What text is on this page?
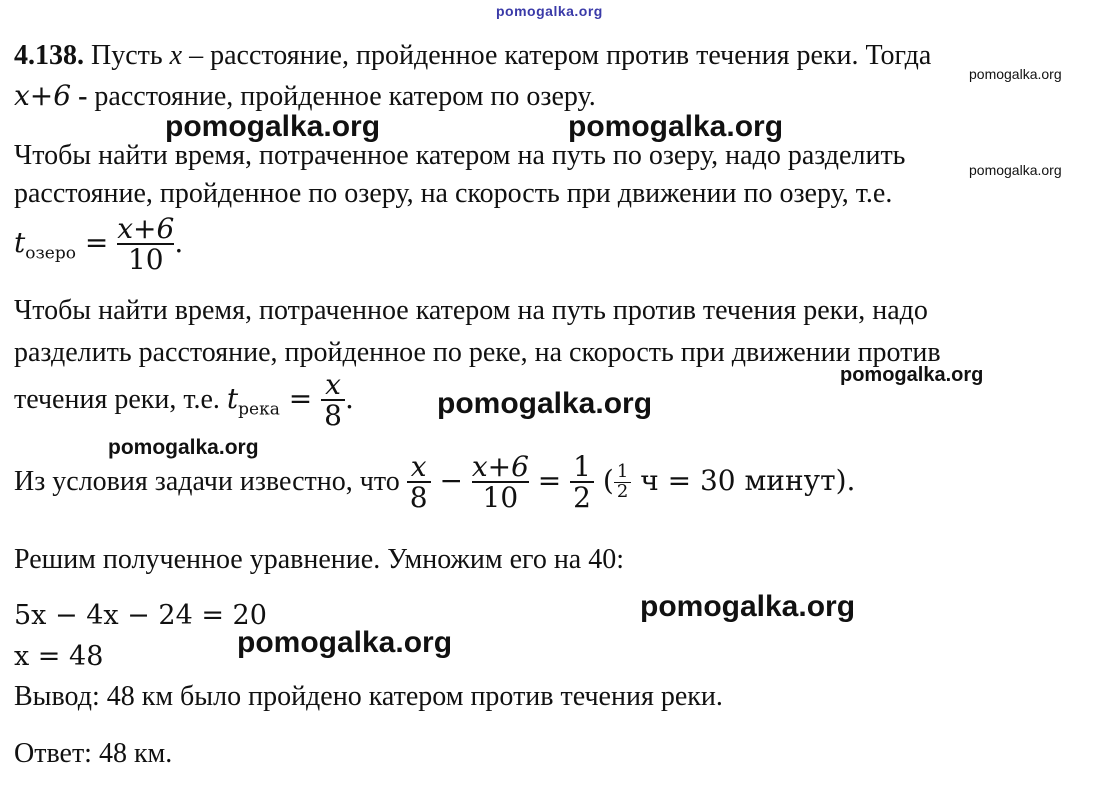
pomogalka.org
4.138. Пусть x – расстояние, пройденное катером против течения реки. Тогда
x+6 - расстояние, пройденное катером по озеру.
Чтобы найти время, потраченное катером на путь по озеру, надо разделить
расстояние, пройденное по озеру, на скорость при движении по озеру, т.е.
$t_{озеро} = \frac{x+6}{10}$ .
Чтобы найти время, потраченное катером на путь против течения реки, надо
разделить расстояние, пройденное по реке, на скорость при движении против
течения реки, т.е. $t_{река} = \frac{x}{8}$ .
Из условия задачи известно, что $\frac{x}{8} - \frac{x+6}{10} = \frac{1}{2}$ ( $\frac{1}{2}$ ч = 30 минут).
Решим полученное уравнение. Умножим его на 40:
5x − 4x − 24 = 20
x = 48
Вывод: 48 км было пройдено катером против течения реки.
Ответ: 48 км.
pomogalka.org
pomogalka.org	pomogalka.org
pomogalka.org
pomogalka.org
pomogalka.org
pomogalka.org
pomogalka.org
pomogalka.org
